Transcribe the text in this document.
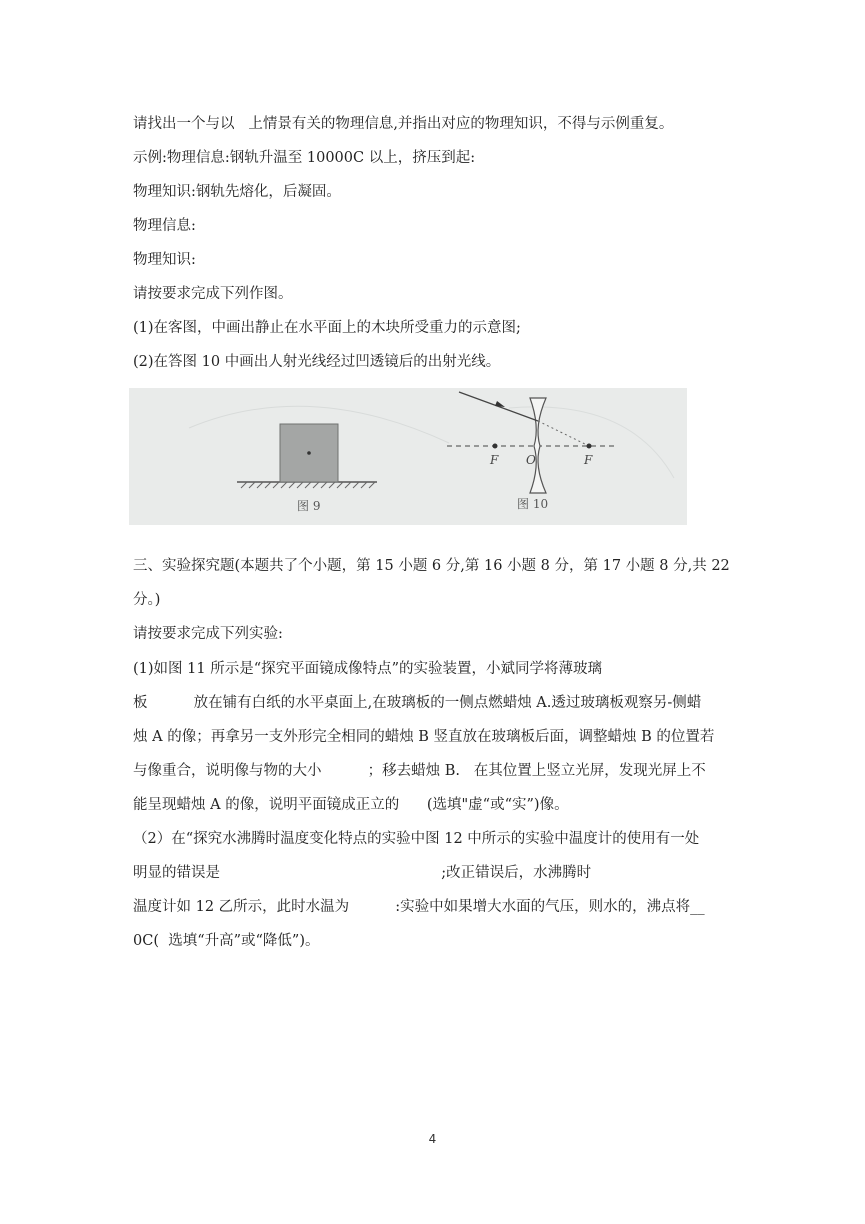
请找出一个与以   上情景有关的物理信息,并指出对应的物理知识，不得与示例重复。
示例:物理信息:钢轨升温至 10000C 以上，挤压到起:
物理知识:钢轨先熔化，后凝固。
物理信息:
物理知识:
请按要求完成下列作图。
(1)在客图，中画出静止在水平面上的木块所受重力的示意图;
(2)在答图 10 中画出人射光线经过凹透镜后的出射光线。
图 9
F O	F
图 10
三、实验探究题(本题共了个小题，第 15 小题 6 分,第 16 小题 8 分，第 17 小题 8 分,共 22
分。)
请按要求完成下列实验:
(1)如图 11 所示是“探究平面镜成像特点”的实验装置，小斌同学将薄玻璃
板          放在铺有白纸的水平桌面上,在玻璃板的一侧点燃蜡烛 A.透过玻璃板观察另-侧蜡
烛 A 的像；再拿另一支外形完全相同的蜡烛 B 竖直放在玻璃板后面，调整蜡烛 B 的位置若
与像重合，说明像与物的大小          ；移去蜡烛 B.   在其位置上竖立光屏，发现光屏上不
能呈现蜡烛 A 的像，说明平面镜成正立的      (选填"虚“或“实”)像。
（2）在“探究水沸腾时温度变化特点的实验中图 12 中所示的实验中温度计的使用有一处
明显的错误是                                                ;改正错误后，水沸腾时
温度计如 12 乙所示，此时水温为          :实验中如果增大水面的气压，则水的，沸点将__
0C(  选填“升高”或“降低”)。
4
